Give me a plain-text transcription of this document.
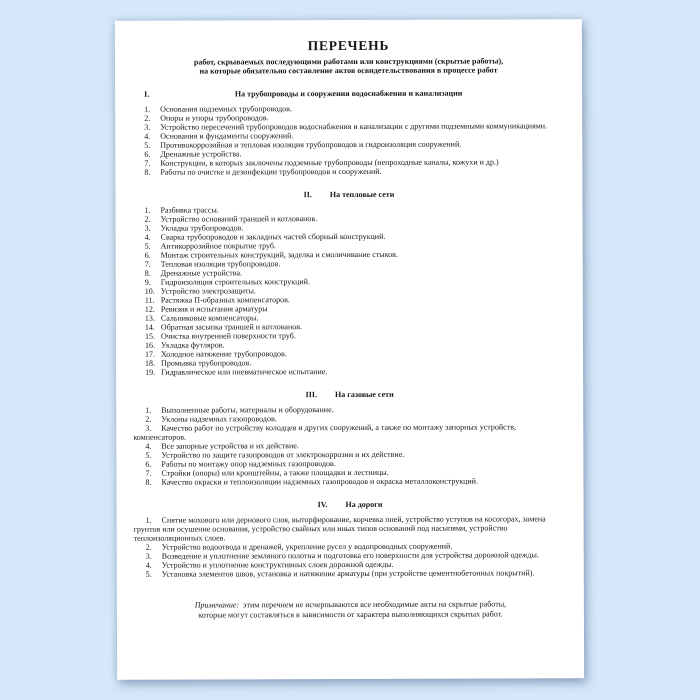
ПЕРЕЧЕНЬ
работ, скрываемых последующими работами или конструкциями (скрытые работы),
на которые обязательно составление актов освидетельствования в процессе работ
I.	На трубопроводы и сооружения водоснабжения и канализации
1. Основания подземных трубопроводов.
2. Опоры и упоры трубопроводов.
3. Устройство пересечений трубопроводов водоснабжения и канализации с другими подземными коммуникациями.
4. Основания и фундаменты сооружений.
5. Противокоррозийная и тепловая изоляция трубопроводов и гидроизоляция сооружений.
6. Дренажные устройства.
7. Конструкции, в которых заключены подземные трубопроводы (непроходные каналы, кожухи и др.)
8. Работы по очистке и дезинфекции трубопроводов и сооружений.
II. На тепловые сети
1. Разбивка трассы.
2. Устройство оснований траншей и котлованов.
3. Укладка трубопроводов.
4. Сварка трубопроводов и закладных частей сборный конструкций.
5. Антикоррозийное покрытие труб.
6. Монтаж строительных конструкций, заделка и смоличивание стыков.
7. Тепловая изоляция трубопроводов.
8. Дренажные устройства.
9. Гидроизоляция строительных конструкций.
10. Устройство электрозащиты.
11. Растяжка П-образных компенсаторов.
12. Ревизия и испытания арматуры
13. Сальниковые компенсаторы.
14. Обратная засыпка траншей и котлованов.
15. Очистка внутренней поверхности труб.
16. Укладка футляров.
17. Холодное натяжение трубопроводов.
18. Промывка трубопроводов.
19. Гидравлическое или пневматическое испытание.
III. На газовые сети
1. Выполненные работы, материалы и оборудование.
2. Уклоны надземных газопроводов.
3. Качество работ по устройству колодцев и других сооружений, а также по монтажу запорных устройств, компенсаторов.
4. Все запорные устройства и их действие.
5. Устройство по защите газопроводов от электрокоррозии и их действие.
6. Работы по монтажу опор надземных газопроводов.
7. Стройки (опоры) или кронштейны, а также площадки и лестницы.
8. Качество окраски и теплоизоляции надземных газопроводов и окраска металлоконструкций.
IV. На дороги
1. Снятие мохового или дернового слоя, выторфирование, корчевка пней, устройство уступов на косогорах, замена грунтов или осушение основания, устройство свайных или иных типов оснований под насыпями, устройство теплоизоляционных слоев.
2. Устройство водоотвода и дренажей, укрепление русел у водопроводных сооружений.
3. Возведение и уплотнение земляного полотна и подготовка его поверхности для устройства дорожной одежды.
4. Устройство и уплотнение конструктивных слоев дорожной одежды.
5. Установка элементов швов, установка и натяжение арматуры (при устройстве цементнобетонных покрытий).

Примечание: этим перечнем не исчерпываются все необходимые акты на скрытые работы, которые могут составляться в зависимости от характера выполняющихся скрытых работ.
